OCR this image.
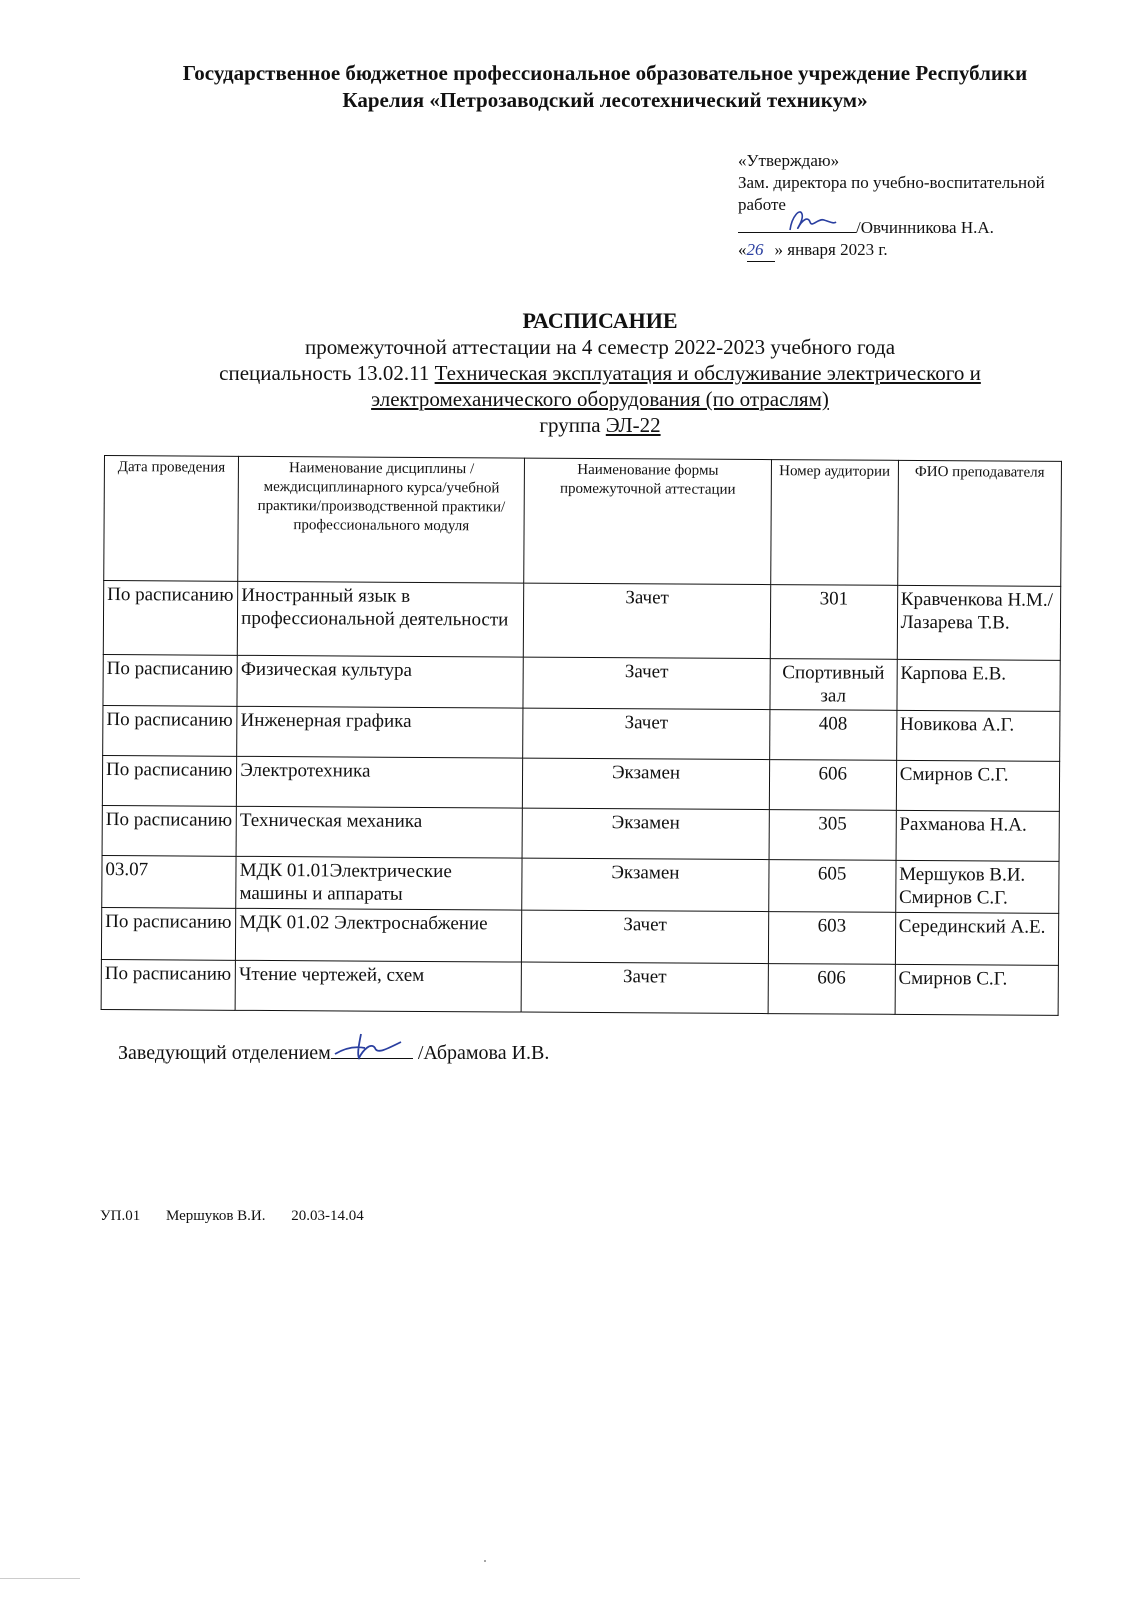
Государственное бюджетное профессиональное образовательное учреждение Республики
Карелия «Петрозаводский лесотехнический техникум»
«Утверждаю»
Зам. директора по учебно-воспитательной
работе
/Овчинникова Н.А.
«26 » января 2023 г.
РАСПИСАНИЕ
промежуточной аттестации на 4 семестр 2022-2023 учебного года
специальность 13.02.11 Техническая эксплуатация и обслуживание электрического и
электромеханического оборудования (по отраслям)
группа ЭЛ-22
Дата проведения	Наименование дисциплины /междисциплинарного курса/учебной практики/производственной практики/профессионального модуля	Наименование формы промежуточной аттестации	Номер аудитории	ФИО преподавателя
По расписанию	Иностранный язык в профессиональной деятельности	Зачет	301	Кравченкова Н.М./ Лазарева Т.В.
По расписанию	Физическая культура	Зачет	Спортивный зал	Карпова Е.В.
По расписанию	Инженерная графика	Зачет	408	Новикова А.Г.
По расписанию	Электротехника	Экзамен	606	Смирнов С.Г.
По расписанию	Техническая механика	Экзамен	305	Рахманова Н.А.
03.07	МДК 01.01Электрические машины и аппараты	Экзамен	605	Мершуков В.И. Смирнов С.Г.
По расписанию	МДК 01.02 Электроснабжение	Зачет	603	Серединский А.Е.
По расписанию	Чтение чертежей, схем	Зачет	606	Смирнов С.Г.
Заведующий отделением	/Абрамова И.В.
УП.01 Мершуков В.И. 20.03-14.04
